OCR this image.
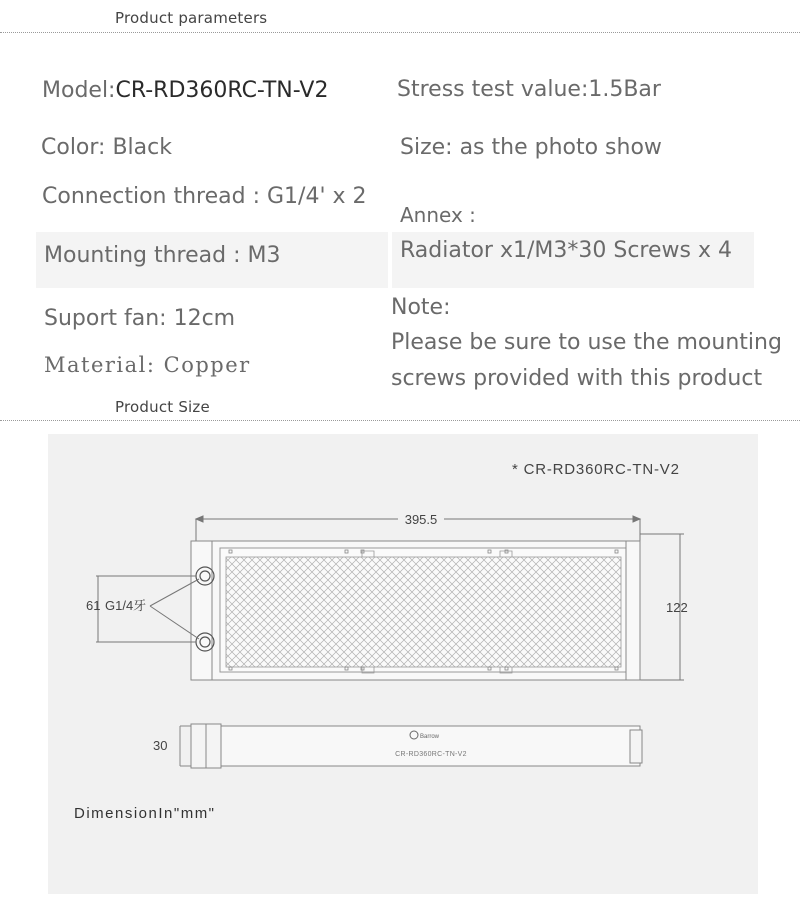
Product parameters
Model:CR-RD360RC-TN-V2
Color: Black
Connection thread : G1/4' x 2
Mounting thread : M3
Suport fan: 12cm
Material: Copper
Stress test value:1.5Bar
Size: as the photo show
Annex :
Radiator x1/M3*30 Screws x 4
Note:
Please be sure to use the mounting
screws provided with this product
Product Size
* CR-RD360RC-TN-V2
395.5
122
61 G1/4牙
30
Barrow
CR-RD360RC-TN-V2
DimensionIn"mm"
